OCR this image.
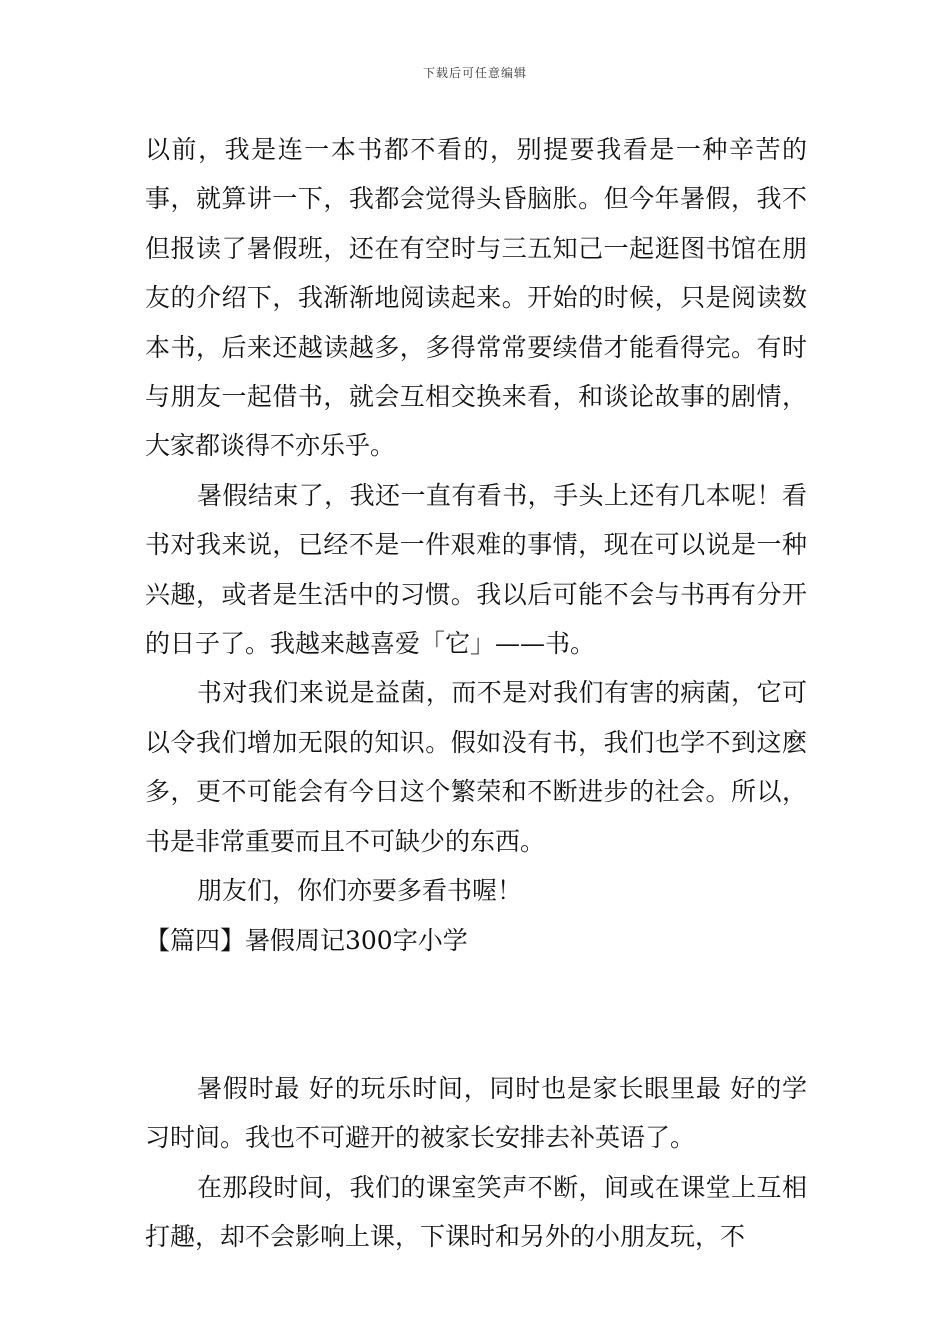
下载后可任意编辑

以前，我是连一本书都不看的，别提要我看是一种辛苦的事，就算讲一下，我都会觉得头昏脑胀。但今年暑假，我不但报读了暑假班，还在有空时与三五知己一起逛图书馆在朋友的介绍下，我渐渐地阅读起来。开始的时候，只是阅读数本书，后来还越读越多，多得常常要续借才能看得完。有时与朋友一起借书，就会互相交换来看，和谈论故事的剧情，大家都谈得不亦乐乎。

暑假结束了，我还一直有看书，手头上还有几本呢！看书对我来说，已经不是一件艰难的事情，现在可以说是一种兴趣，或者是生活中的习惯。我以后可能不会与书再有分开的日子了。我越来越喜爱「它」——书。

书对我们来说是益菌，而不是对我们有害的病菌，它可以令我们增加无限的知识。假如没有书，我们也学不到这麽多，更不可能会有今日这个繁荣和不断进步的社会。所以，书是非常重要而且不可缺少的东西。

朋友们，你们亦要多看书喔！

【篇四】暑假周记300字小学

暑假时最 好的玩乐时间，同时也是家长眼里最 好的学习时间。我也不可避开的被家长安排去补英语了。

在那段时间，我们的课室笑声不断，间或在课堂上互相打趣，却不会影响上课，下课时和另外的小朋友玩，不
